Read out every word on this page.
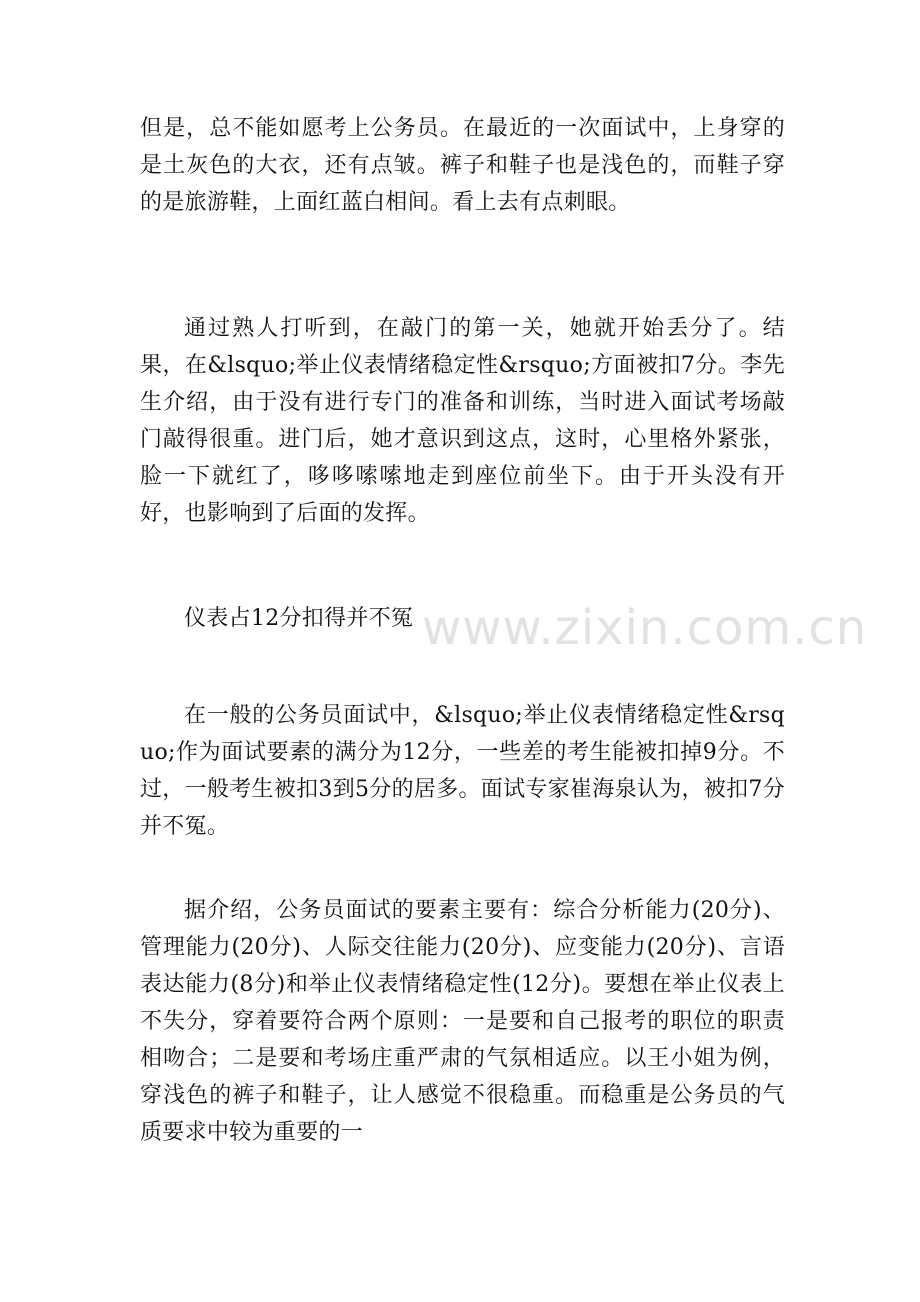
但是，总不能如愿考上公务员。在最近的一次面试中，上身穿的是土灰色的大衣，还有点皱。裤子和鞋子也是浅色的，而鞋子穿的是旅游鞋，上面红蓝白相间。看上去有点刺眼。

通过熟人打听到，在敲门的第一关，她就开始丢分了。结果，在&lsquo;举止仪表情绪稳定性&rsquo;方面被扣7分。李先生介绍，由于没有进行专门的准备和训练，当时进入面试考场敲门敲得很重。进门后，她才意识到这点，这时，心里格外紧张，脸一下就红了，哆哆嗦嗦地走到座位前坐下。由于开头没有开好，也影响到了后面的发挥。

仪表占12分扣得并不冤

在一般的公务员面试中，&lsquo;举止仪表情绪稳定性&rsquo;作为面试要素的满分为12分，一些差的考生能被扣掉9分。不过，一般考生被扣3到5分的居多。面试专家崔海泉认为，被扣7分并不冤。

据介绍，公务员面试的要素主要有：综合分析能力(20分)、管理能力(20分)、人际交往能力(20分)、应变能力(20分)、言语表达能力(8分)和举止仪表情绪稳定性(12分)。要想在举止仪表上不失分，穿着要符合两个原则：一是要和自己报考的职位的职责相吻合；二是要和考场庄重严肃的气氛相适应。以王小姐为例，穿浅色的裤子和鞋子，让人感觉不很稳重。而稳重是公务员的气质要求中较为重要的一

www.zixin.com.cn
